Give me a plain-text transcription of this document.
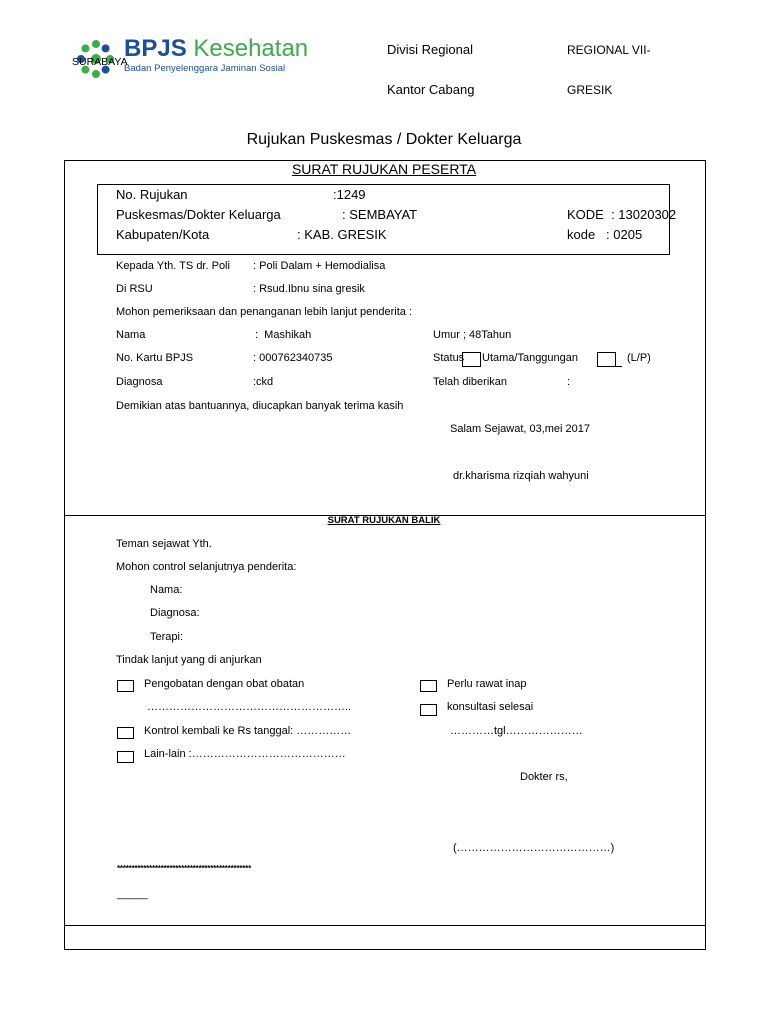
BPJS Kesehatan
Badan Penyelenggara Jaminan Sosial
SURABAYA
Divisi Regional	REGIONAL VII-
Kantor Cabang	GRESIK
Rujukan Puskesmas / Dokter Keluarga
SURAT RUJUKAN PESERTA
No. Rujukan	:1249
Puskesmas/Dokter Keluarga	: SEMBAYAT	KODE  : 13020302
Kabupaten/Kota	: KAB. GRESIK	kode   : 0205
Kepada Yth. TS dr. Poli : Poli Dalam + Hemodialisa
Di RSU	: Rsud.Ibnu sina gresik
Mohon pemeriksaan dan penanganan lebih lanjut penderita :
Nama	:  Mashikah	Umur ; 48Tahun
No. Kartu BPJS	: 000762340735	Status Utama/Tanggungan	(L/P)
Diagnosa	:ckd	Telah diberikan	:
Demikian atas bantuannya, diucapkan banyak terima kasih
Salam Sejawat, 03,mei 2017
dr.kharisma rizqiah wahyuni
SURAT RUJUKAN BALIK
Teman sejawat Yth.
Mohon control selanjutnya penderita:
Nama:
Diagnosa:
Terapi:
Tindak lanjut yang di anjurkan
Pengobatan dengan obat obatan	Perlu rawat inap
………………………………………………..	konsultasi selesai
Kontrol kembali ke Rs tanggal: ……………	…………tgl…………………
Lain-lain :……………………………………
Dokter rs,
(……………………………………)
**********************************************
_____
